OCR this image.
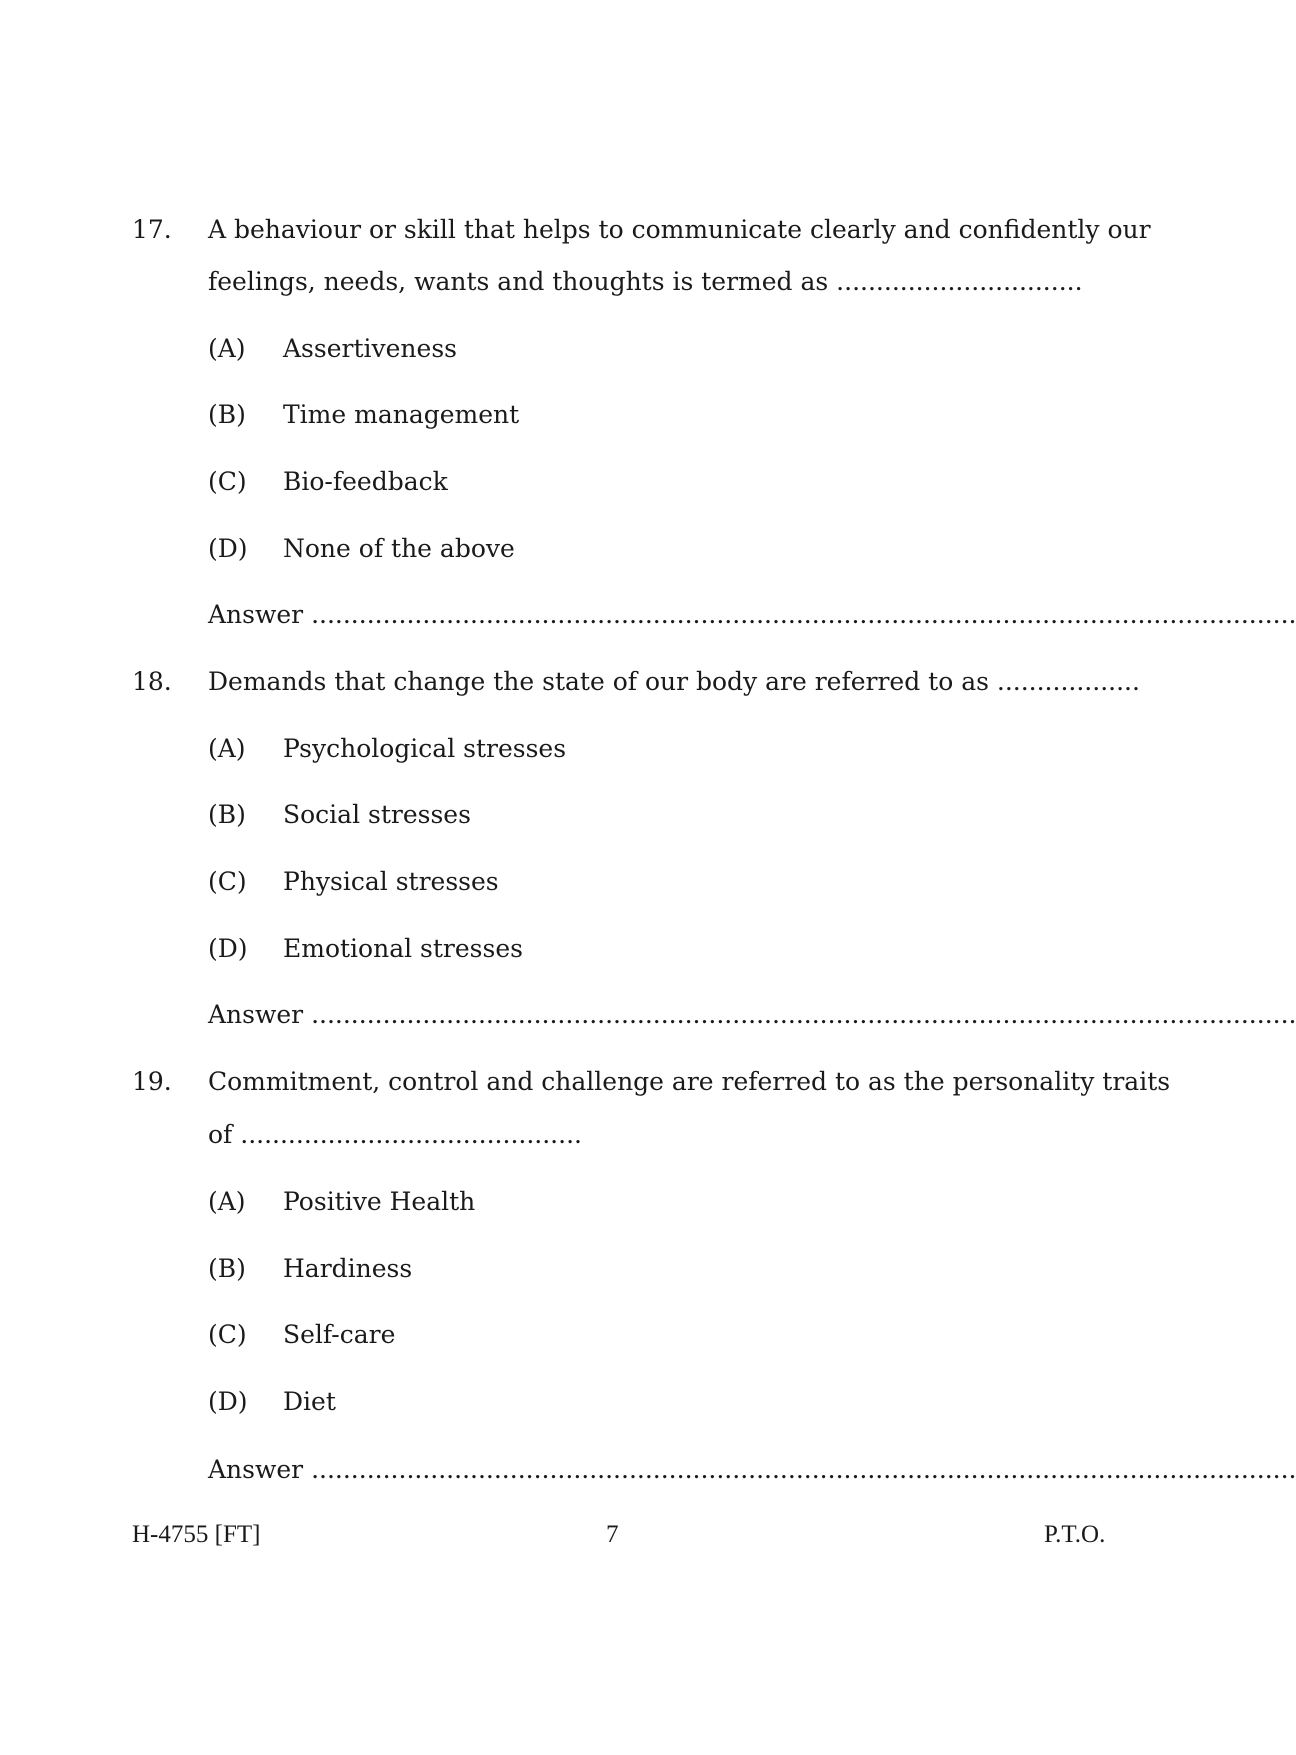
17. A behaviour or skill that helps to communicate clearly and confidently our
feelings, needs, wants and thoughts is termed as ...............................
(A) Assertiveness
(B) Time management
(C) Bio-feedback
(D) None of the above
Answer ............................................................................................................................
18. Demands that change the state of our body are referred to as ..................
(A) Psychological stresses
(B) Social stresses
(C) Physical stresses
(D) Emotional stresses
Answer ............................................................................................................................
19. Commitment, control and challenge are referred to as the personality traits
of ...........................................
(A) Positive Health
(B) Hardiness
(C) Self-care
(D) Diet
Answer ............................................................................................................................
H-4755 [FT]	7	P.T.O.
